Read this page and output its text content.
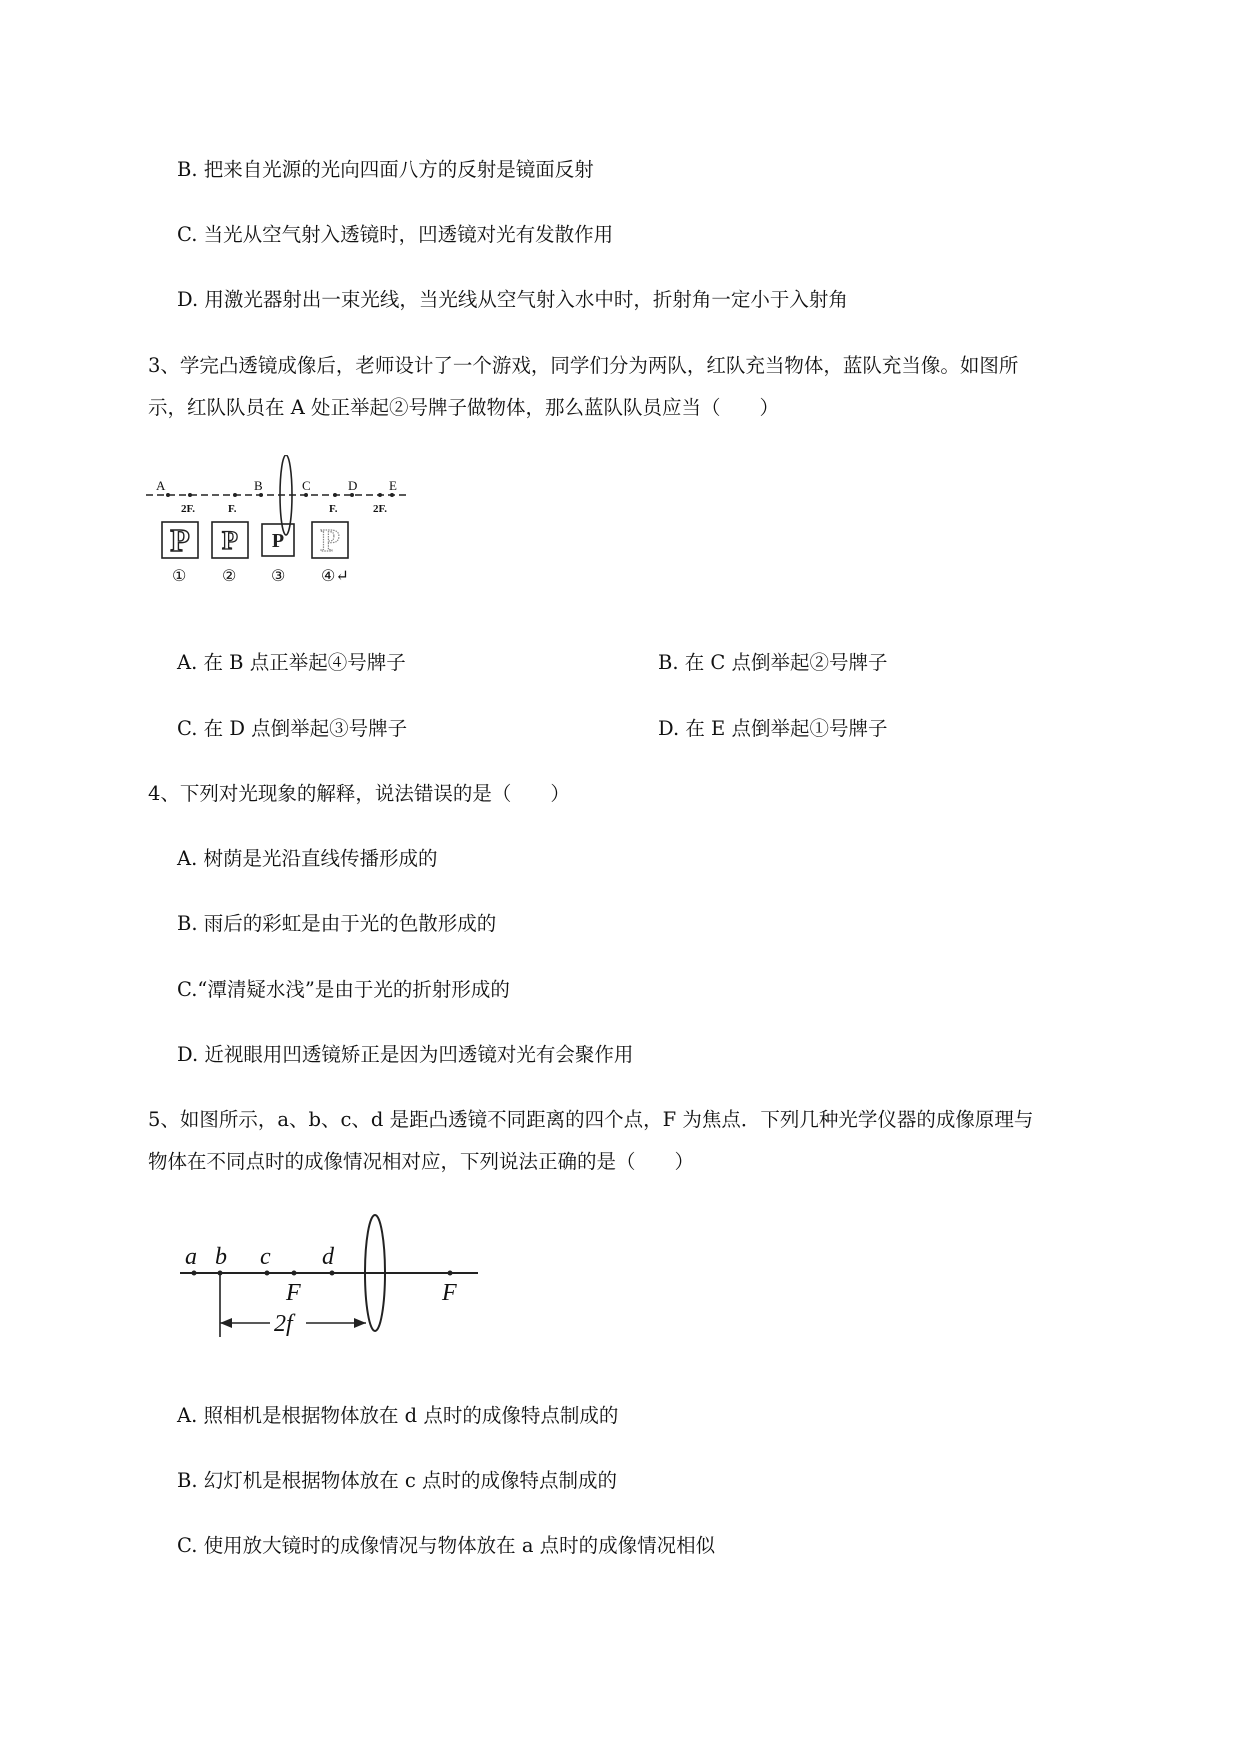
B. 把来自光源的光向四面八方的反射是镜面反射
C. 当光从空气射入透镜时，凹透镜对光有发散作用
D. 用激光器射出一束光线，当光线从空气射入水中时，折射角一定小于入射角
3、学完凸透镜成像后，老师设计了一个游戏，同学们分为两队，红队充当物体，蓝队充当像。如图所
示，红队队员在 A 处正举起②号牌子做物体，那么蓝队队员应当（　　）
A	B	C	D E
2F.	F.	F.	2F.
P P P P
① ② ③ ④↵
A. 在 B 点正举起④号牌子	B. 在 C 点倒举起②号牌子
C. 在 D 点倒举起③号牌子	D. 在 E 点倒举起①号牌子
4、下列对光现象的解释，说法错误的是（　　）
A. 树荫是光沿直线传播形成的
B. 雨后的彩虹是由于光的色散形成的
C.“潭清疑水浅”是由于光的折射形成的
D. 近视眼用凹透镜矫正是因为凹透镜对光有会聚作用
5、如图所示，a、b、c、d 是距凸透镜不同距离的四个点，F 为焦点．下列几种光学仪器的成像原理与
物体在不同点时的成像情况相对应，下列说法正确的是（　　）
a b c d
F	F
2f
A. 照相机是根据物体放在 d 点时的成像特点制成的
B. 幻灯机是根据物体放在 c 点时的成像特点制成的
C. 使用放大镜时的成像情况与物体放在 a 点时的成像情况相似
